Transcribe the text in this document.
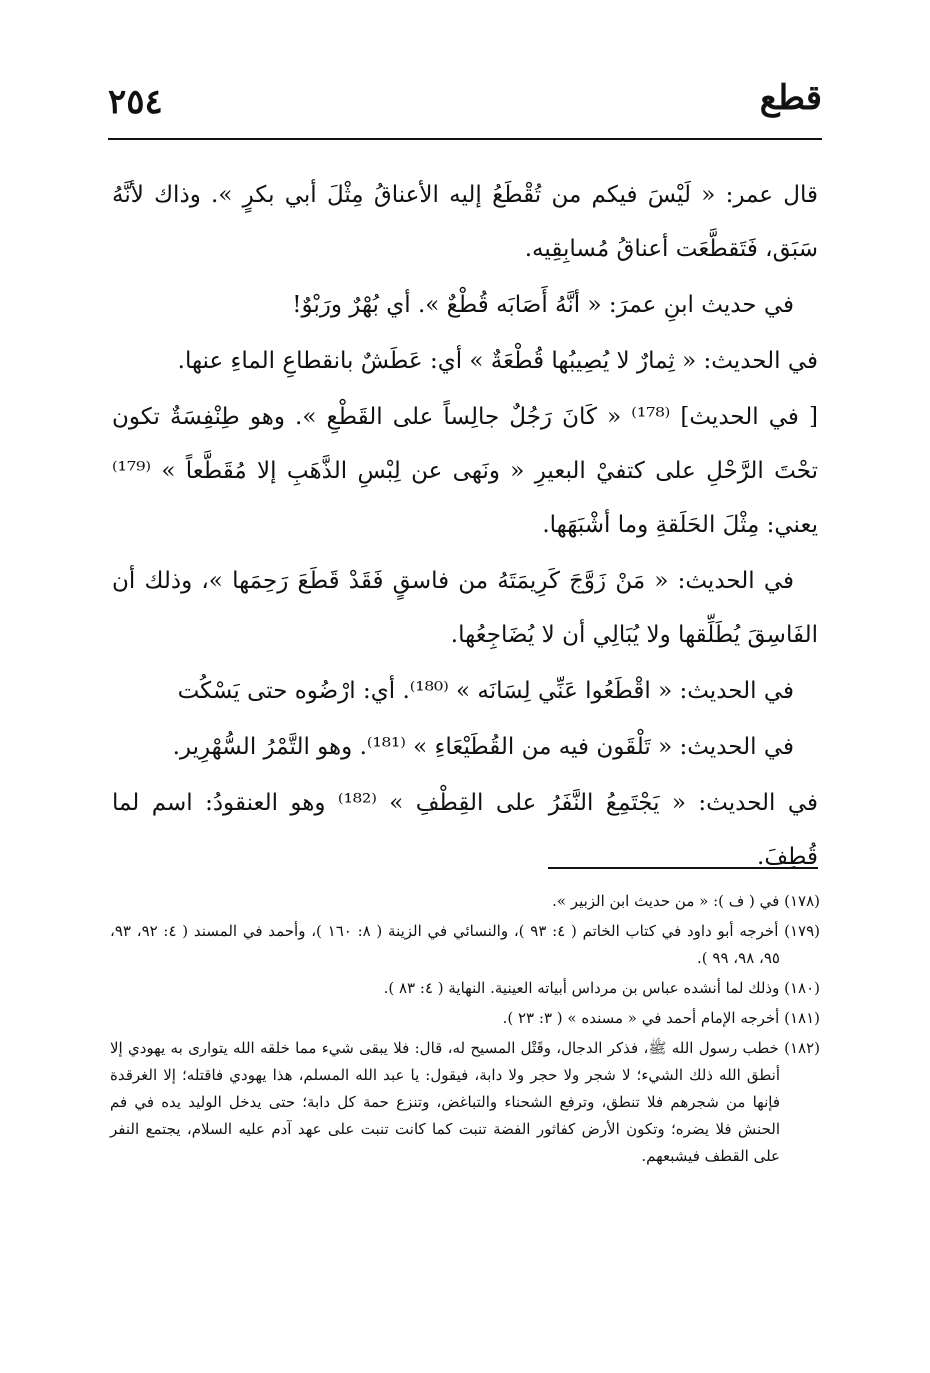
٢٥٤	قطع

قال عمر: « لَيْسَ فيكم من تُقْطَعُ إليه الأعناقُ مِثْلَ أبي بكرٍ ». وذاك لأنَّهُ سَبَق، فَتَقطَّعَت أعناقُ مُسابِقِيه.

في حديث ابنِ عمرَ: « أنَّهُ أَصَابَه قُطْعٌ ». أي بُهْرٌ ورَبْوٌ!

في الحديث: « ثِمارٌ لا يُصِيبُها قُطْعَةٌ » أي: عَطَشٌ بانقطاعِ الماءِ عنها.

[ في الحديث] ⁽¹⁷⁸⁾ « كَانَ رَجُلٌ جالِساً على القَطْعِ ». وهو طِنْفِسَةٌ تكون تحْتَ الرَّحْلِ على كتفيْ البعيرِ « ونَهى عن لِبْسِ الذَّهَبِ إلا مُقَطَّعاً » ⁽¹⁷⁹⁾ يعني: مِثْلَ الحَلَقةِ وما أشْبَهَها.

في الحديث: « مَنْ زَوَّجَ كَرِيمَتَهُ من فاسقٍ فَقَدْ قَطَعَ رَحِمَها »، وذلك أن الفَاسِقَ يُطَلِّقها ولا يُبَالِي أن لا يُضَاجِعُها.

في الحديث: « اقْطَعُوا عَنِّي لِسَانَه » ⁽¹⁸⁰⁾. أي: ارْضُوه حتى يَسْكُت

في الحديث: « تَلْقَون فيه من القُطَيْعَاءِ » ⁽¹⁸¹⁾. وهو التَّمْرُ السُّهْرِير.

في الحديث: « يَجْتَمِعُ النَّفَرُ على القِطْفِ » ⁽¹⁸²⁾ وهو العنقودُ: اسم لما قُطِفَ.

(١٧٨) في ( ف ): « من حديث ابن الزبير ».

(١٧٩) أخرجه أبو داود في كتاب الخاتم ( ٤: ٩٣ )، والنسائي في الزينة ( ٨: ١٦٠ )، وأحمد في المسند ( ٤: ٩٢، ٩٣، ٩٥، ٩٨، ٩٩ ).

(١٨٠) وذلك لما أنشده عباس بن مرداس أبياته العينية. النهاية ( ٤: ٨٣ ).

(١٨١) أخرجه الإمام أحمد في « مسنده » ( ٣: ٢٣ ).

(١٨٢) خطب رسول الله ﷺ، فذكر الدجال، وقَتْل المسيح له، قال: فلا يبقى شيء مما خلقه الله يتوارى به يهودي إلا أنطق الله ذلك الشيء؛ لا شجر ولا حجر ولا دابة، فيقول: يا عبد الله المسلم، هذا يهودي فاقتله؛ إلا الغرقدة فإنها من شجرهم فلا تنطق، وترفع الشحناء والتباغض، وتنزع حمة كل دابة؛ حتى يدخل الوليد يده في فم الحنش فلا يضره؛ وتكون الأرض كفاثور الفضة تنبت كما كانت تنبت على عهد آدم عليه السلام، يجتمع النفر على القطف فيشبعهم.
